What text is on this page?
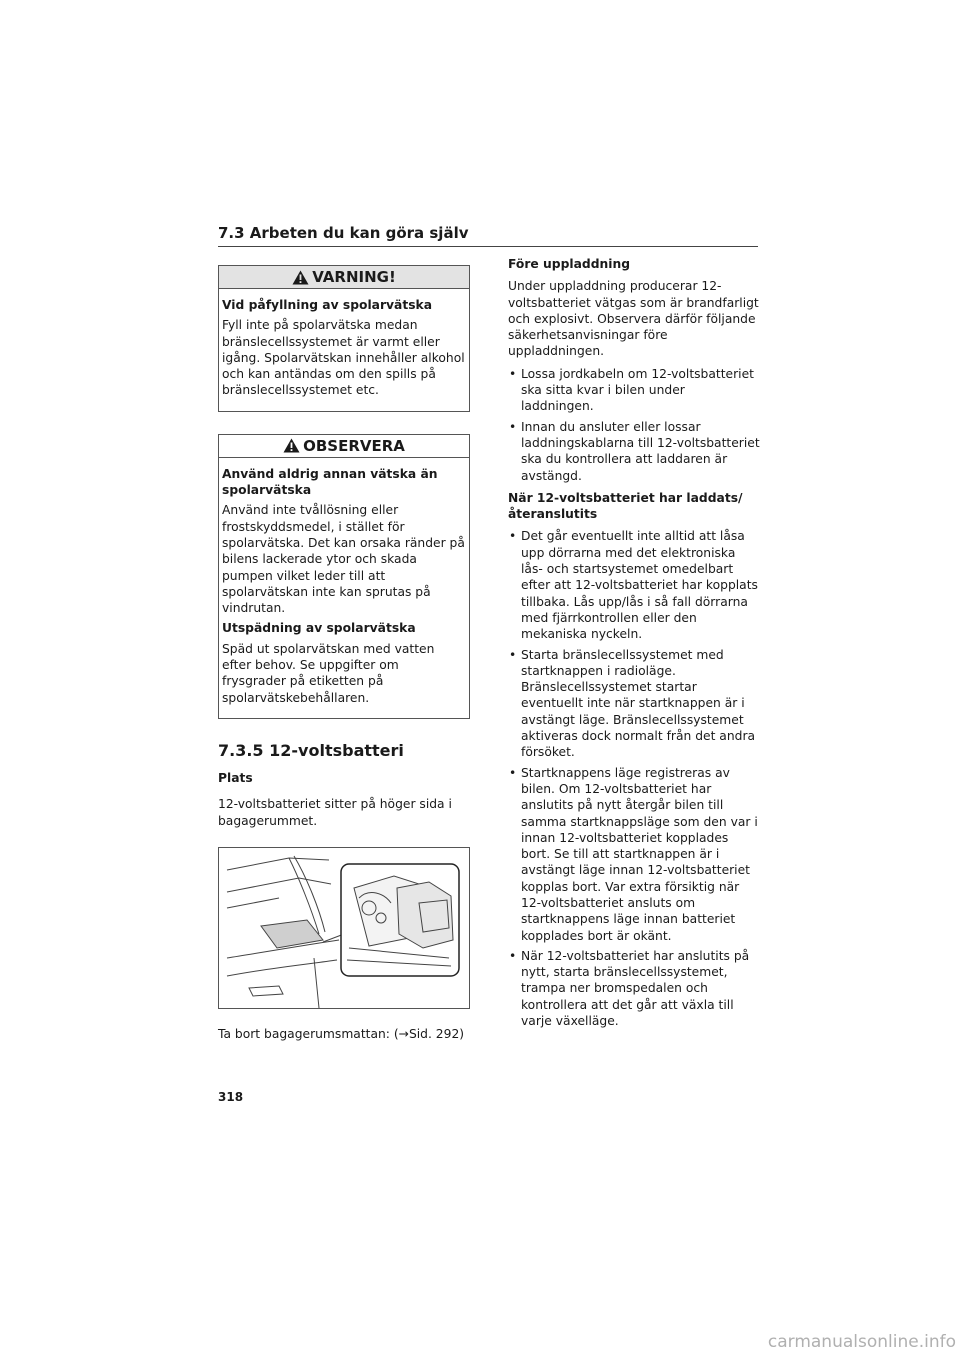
7.3 Arbeten du kan göra själv
VARNING!

Vid påfyllning av spolarvätska

Fyll inte på spolarvätska medan bränslecellssystemet är varmt eller igång. Spolarvätskan innehåller alkohol och kan antändas om den spills på bränslecellssystemet etc.

OBSERVERA

Använd aldrig annan vätska än spolarvätska

Använd inte tvållösning eller frostskyddsmedel, i stället för spolarvätska. Det kan orsaka ränder på bilens lackerade ytor och skada pumpen vilket leder till att spolarvätskan inte kan sprutas på vindrutan.

Utspädning av spolarvätska

Späd ut spolarvätskan med vatten efter behov. Se uppgifter om frysgrader på etiketten på spolarvätskebehållaren.

7.3.5 12-voltsbatteri

Plats

12-voltsbatteriet sitter på höger sida i bagagerummet.

Ta bort bagagerumsmattan: (→Sid. 292)

Före uppladdning

Under uppladdning producerar 12-voltsbatteriet vätgas som är brandfarligt och explosivt. Observera därför följande säkerhetsanvisningar före uppladdningen.

• Lossa jordkabeln om 12-voltsbatteriet ska sitta kvar i bilen under laddningen.
• Innan du ansluter eller lossar laddningskablarna till 12-voltsbatteriet ska du kontrollera att laddaren är avstängd.

När 12-voltsbatteriet har laddats/återanslutits

• Det går eventuellt inte alltid att låsa upp dörrarna med det elektroniska lås- och startsystemet omedelbart efter att 12-voltsbatteriet har kopplats tillbaka. Lås upp/lås i så fall dörrarna med fjärrkontrollen eller den mekaniska nyckeln.
• Starta bränslecellssystemet med startknappen i radioläge. Bränslecellssystemet startar eventuellt inte när startknappen är i avstängt läge. Bränslecellssystemet aktiveras dock normalt från det andra försöket.
• Startknappens läge registreras av bilen. Om 12-voltsbatteriet har anslutits på nytt återgår bilen till samma startknappsläge som den var i innan 12-voltsbatteriet kopplades bort. Se till att startknappen är i avstängt läge innan 12-voltsbatteriet kopplas bort. Var extra försiktig när 12-voltsbatteriet ansluts om startknappens läge innan batteriet kopplades bort är okänt.
• När 12-voltsbatteriet har anslutits på nytt, starta bränslecellssystemet, trampa ner bromspedalen och kontrollera att det går att växla till varje växelläge.
318
carmanualsonline.info
